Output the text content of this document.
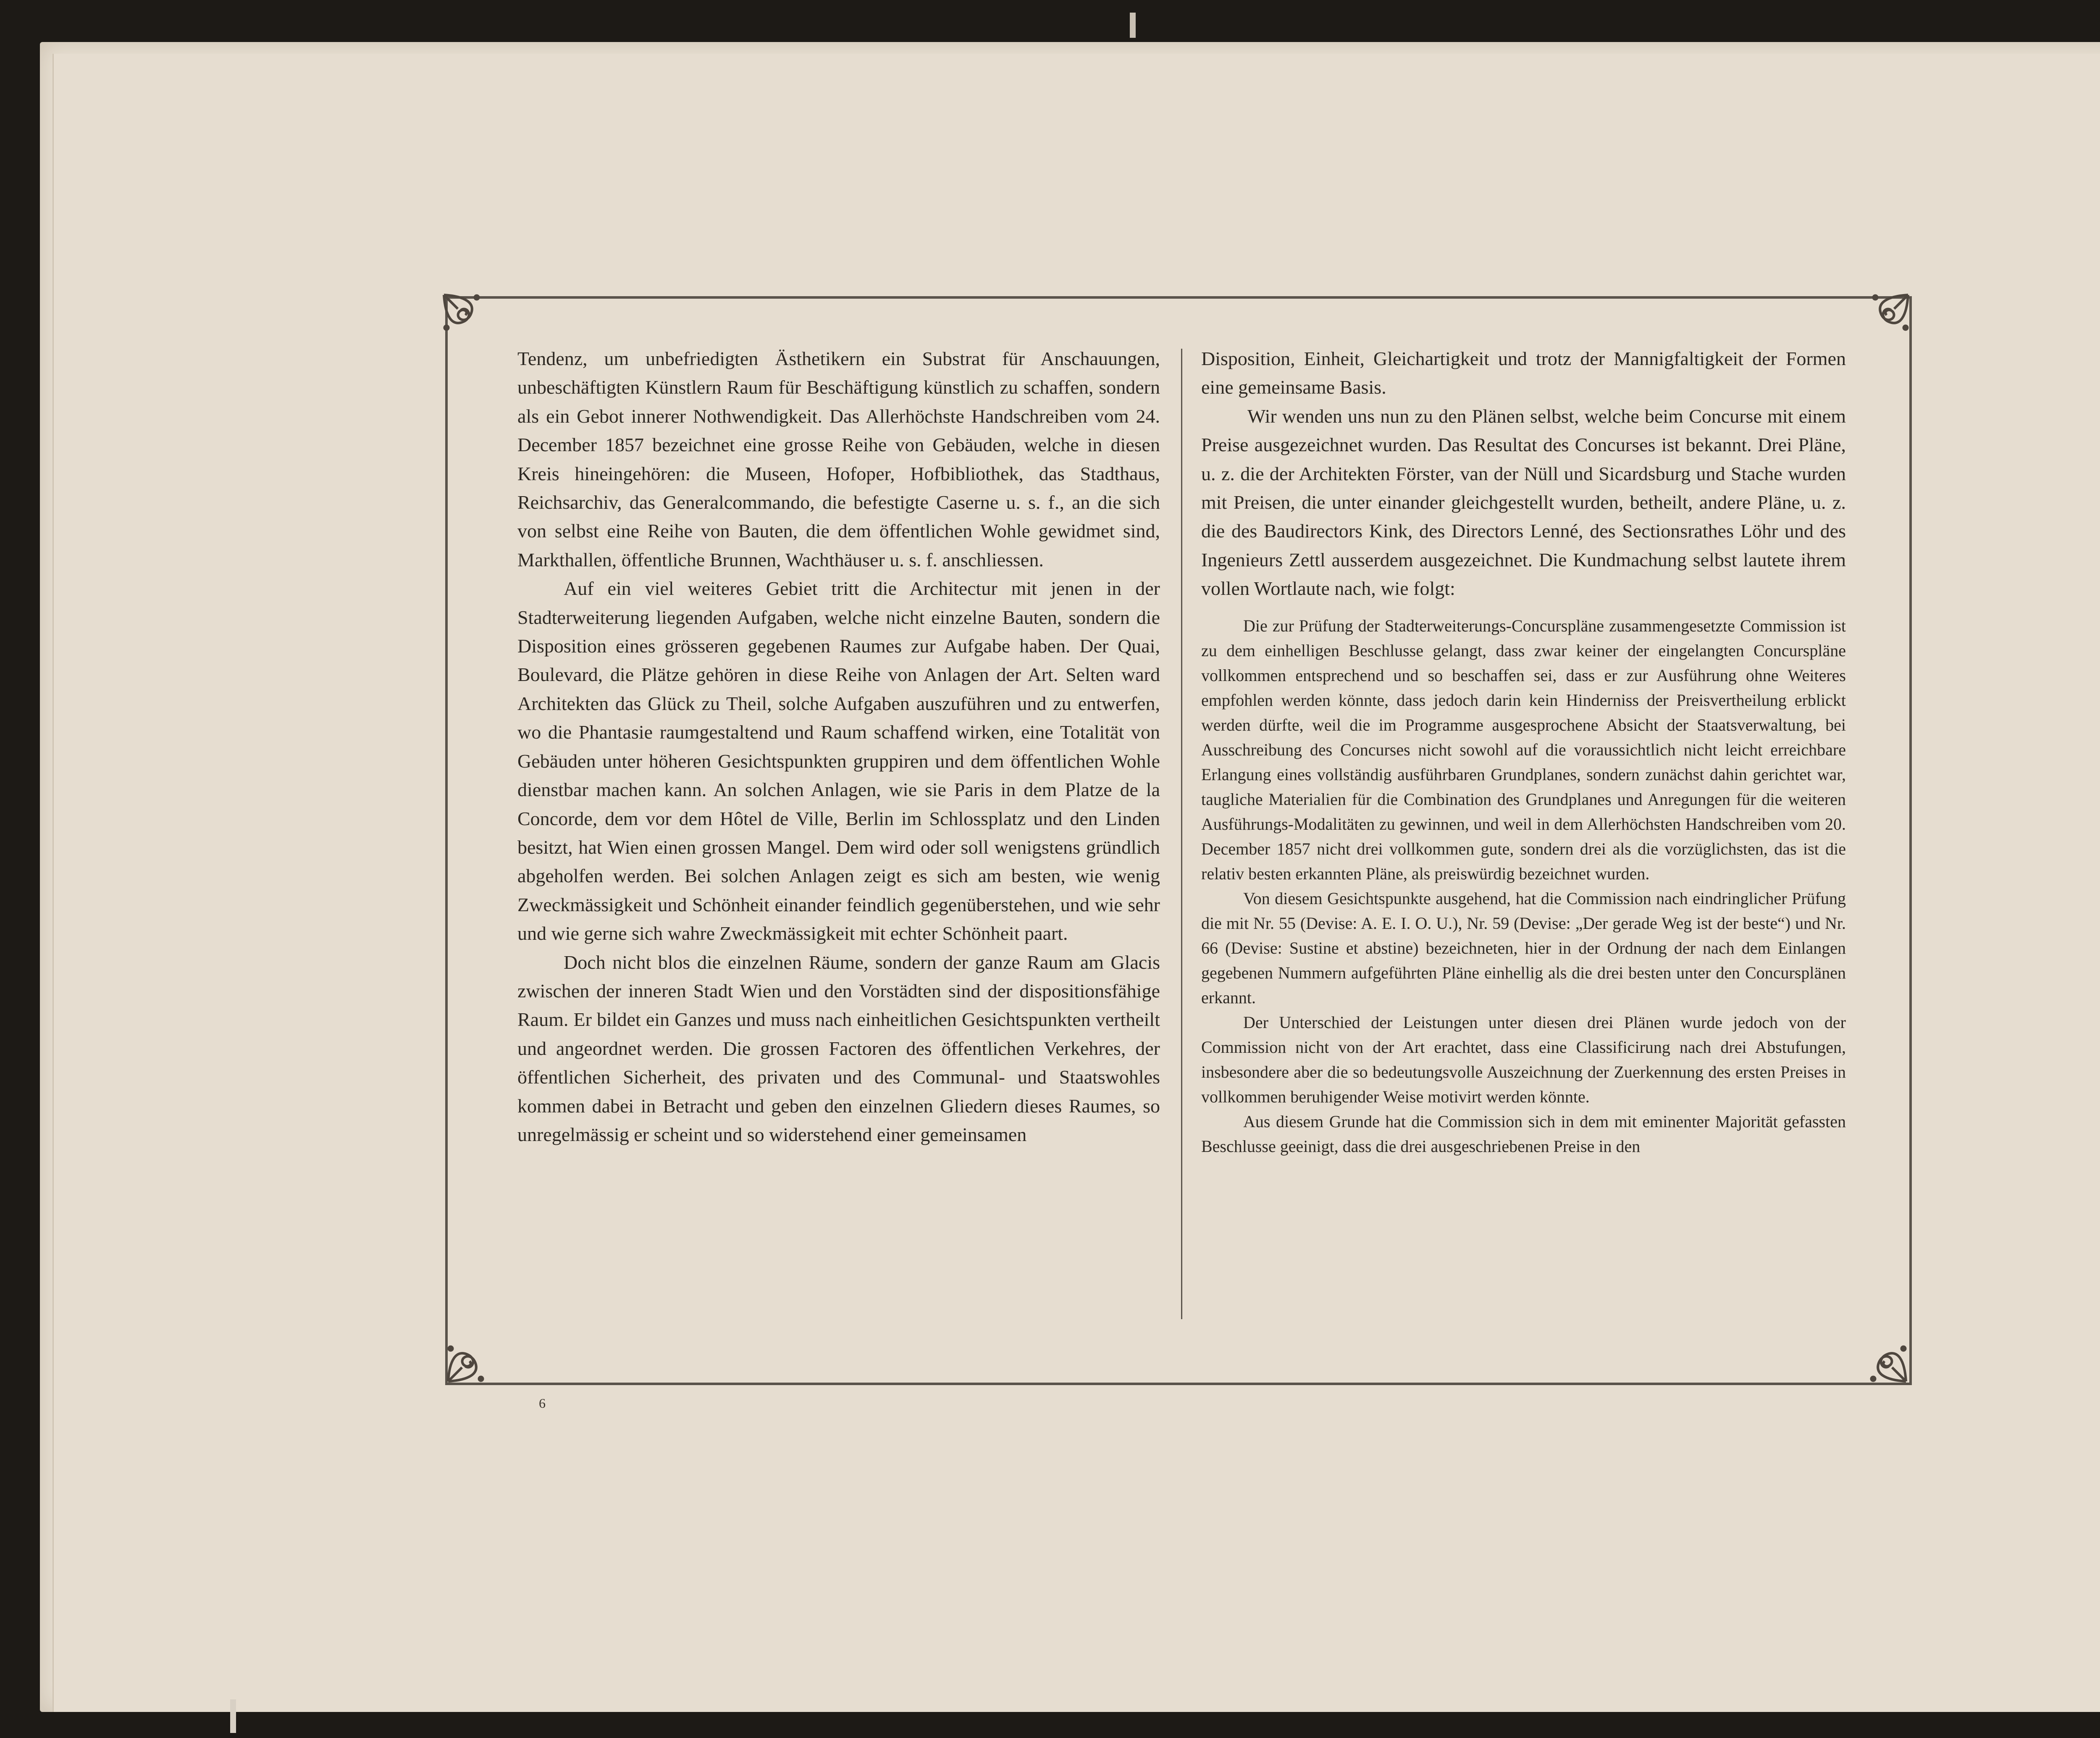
Tendenz, um unbefriedigten Ästhetikern ein Substrat für Anschauungen, unbeschäftigten Künstlern Raum für Beschäftigung künstlich zu schaffen, sondern als ein Gebot innerer Nothwendigkeit. Das Allerhöchste Handschreiben vom 24. December 1857 bezeichnet eine grosse Reihe von Gebäuden, welche in diesen Kreis hineingehören: die Museen, Hofoper, Hofbibliothek, das Stadthaus, Reichsarchiv, das Generalcommando, die befestigte Caserne u. s. f., an die sich von selbst eine Reihe von Bauten, die dem öffentlichen Wohle gewidmet sind, Markthallen, öffentliche Brunnen, Wachthäuser u. s. f. anschliessen.

Auf ein viel weiteres Gebiet tritt die Architectur mit jenen in der Stadterweiterung liegenden Aufgaben, welche nicht einzelne Bauten, sondern die Disposition eines grösseren gegebenen Raumes zur Aufgabe haben. Der Quai, Boulevard, die Plätze gehören in diese Reihe von Anlagen der Art. Selten ward Architekten das Glück zu Theil, solche Aufgaben auszuführen und zu entwerfen, wo die Phantasie raumgestaltend und Raum schaffend wirken, eine Totalität von Gebäuden unter höheren Gesichtspunkten gruppiren und dem öffentlichen Wohle dienstbar machen kann. An solchen Anlagen, wie sie Paris in dem Platze de la Concorde, dem vor dem Hôtel de Ville, Berlin im Schlossplatz und den Linden besitzt, hat Wien einen grossen Mangel. Dem wird oder soll wenigstens gründlich abgeholfen werden. Bei solchen Anlagen zeigt es sich am besten, wie wenig Zweckmässigkeit und Schönheit einander feindlich gegenüberstehen, und wie sehr und wie gerne sich wahre Zweckmässigkeit mit echter Schönheit paart.

Doch nicht blos die einzelnen Räume, sondern der ganze Raum am Glacis zwischen der inneren Stadt Wien und den Vorstädten sind der dispositionsfähige Raum. Er bildet ein Ganzes und muss nach einheitlichen Gesichtspunkten vertheilt und angeordnet werden. Die grossen Factoren des öffentlichen Verkehres, der öffentlichen Sicherheit, des privaten und des Communal- und Staatswohles kommen dabei in Betracht und geben den einzelnen Gliedern dieses Raumes, so unregelmässig er scheint und so widerstehend einer gemeinsamen

Disposition, Einheit, Gleichartigkeit und trotz der Mannigfaltigkeit der Formen eine gemeinsame Basis.

Wir wenden uns nun zu den Plänen selbst, welche beim Concurse mit einem Preise ausgezeichnet wurden. Das Resultat des Concurses ist bekannt. Drei Pläne, u. z. die der Architekten Förster, van der Nüll und Sicardsburg und Stache wurden mit Preisen, die unter einander gleichgestellt wurden, betheilt, andere Pläne, u. z. die des Baudirectors Kink, des Directors Lenné, des Sectionsrathes Löhr und des Ingenieurs Zettl ausserdem ausgezeichnet. Die Kundmachung selbst lautete ihrem vollen Wortlaute nach, wie folgt:

Die zur Prüfung der Stadterweiterungs-Concurspläne zusammengesetzte Commission ist zu dem einhelligen Beschlusse gelangt, dass zwar keiner der eingelangten Concurspläne vollkommen entsprechend und so beschaffen sei, dass er zur Ausführung ohne Weiteres empfohlen werden könnte, dass jedoch darin kein Hinderniss der Preisvertheilung erblickt werden dürfte, weil die im Programme ausgesprochene Absicht der Staatsverwaltung, bei Ausschreibung des Concurses nicht sowohl auf die voraussichtlich nicht leicht erreichbare Erlangung eines vollständig ausführbaren Grundplanes, sondern zunächst dahin gerichtet war, taugliche Materialien für die Combination des Grundplanes und Anregungen für die weiteren Ausführungs-Modalitäten zu gewinnen, und weil in dem Allerhöchsten Handschreiben vom 20. December 1857 nicht drei vollkommen gute, sondern drei als die vorzüglichsten, das ist die relativ besten erkannten Pläne, als preiswürdig bezeichnet wurden.

Von diesem Gesichtspunkte ausgehend, hat die Commission nach eindringlicher Prüfung die mit Nr. 55 (Devise: A. E. I. O. U.), Nr. 59 (Devise: „Der gerade Weg ist der beste“) und Nr. 66 (Devise: Sustine et abstine) bezeichneten, hier in der Ordnung der nach dem Einlangen gegebenen Nummern aufgeführten Pläne einhellig als die drei besten unter den Concursplänen erkannt.

Der Unterschied der Leistungen unter diesen drei Plänen wurde jedoch von der Commission nicht von der Art erachtet, dass eine Classificirung nach drei Abstufungen, insbesondere aber die so bedeutungsvolle Auszeichnung der Zuerkennung des ersten Preises in vollkommen beruhigender Weise motivirt werden könnte.

Aus diesem Grunde hat die Commission sich in dem mit eminenter Majorität gefassten Beschlusse geeinigt, dass die drei ausgeschriebenen Preise in den

6
